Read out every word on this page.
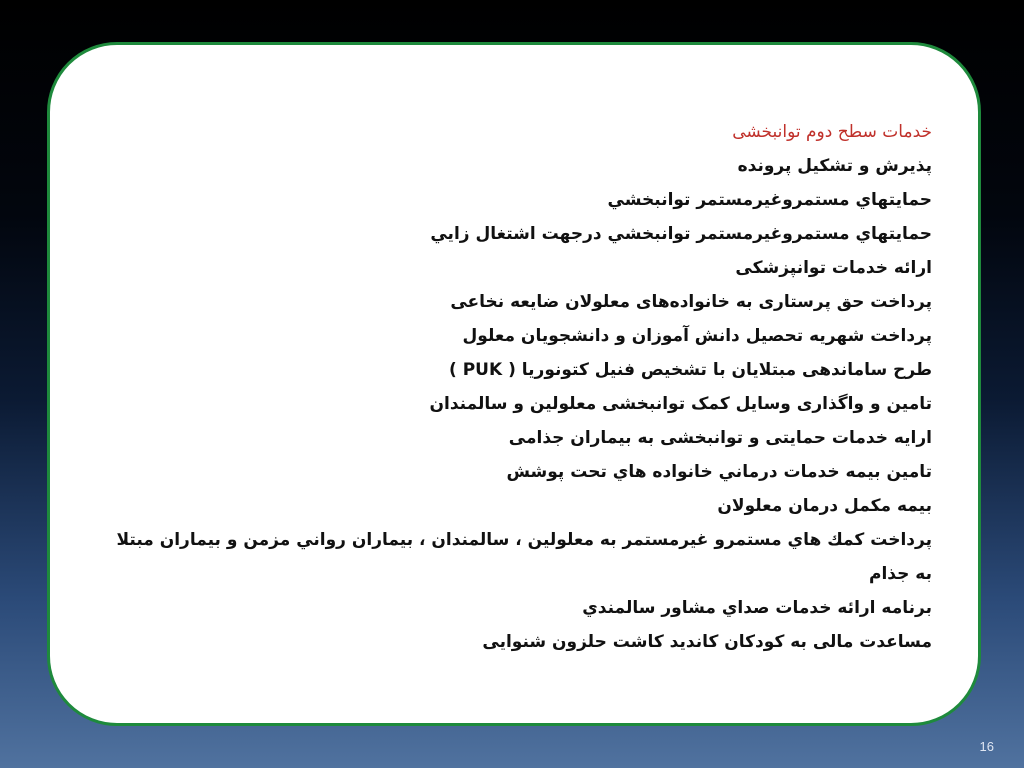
خدمات سطح دوم توانبخشی

پذیرش و تشکیل پرونده

حمایتهاي مستمروغیرمستمر توانبخشي

حمایتهاي مستمروغیرمستمر توانبخشي درجهت اشتغال زايي

ارائه خدمات توانپزشکی

پرداخت حق پرستاری به خانواده‌های معلولان ضایعه نخاعی

پرداخت شهریه تحصیل دانش آموزان و دانشجویان معلول

طرح ساماندهی مبتلایان با تشخیص فنیل کتونوریا ( PUK )

تامین و واگذاری وسایل کمک توانبخشی معلولین و سالمندان

ارایه خدمات حمایتی و توانبخشی به بیماران جذامی

تامين بيمه خدمات درماني خانواده هاي تحت پوشش

بیمه مکمل درمان معلولان

پرداخت کمك هاي مستمرو غيرمستمر به معلولين ، سالمندان ، بيماران رواني مزمن و بيماران مبتلا به جذام

برنامه ارائه خدمات صداي مشاور سالمندي

مساعدت مالی به کودکان کاندید کاشت حلزون شنوایی

16
